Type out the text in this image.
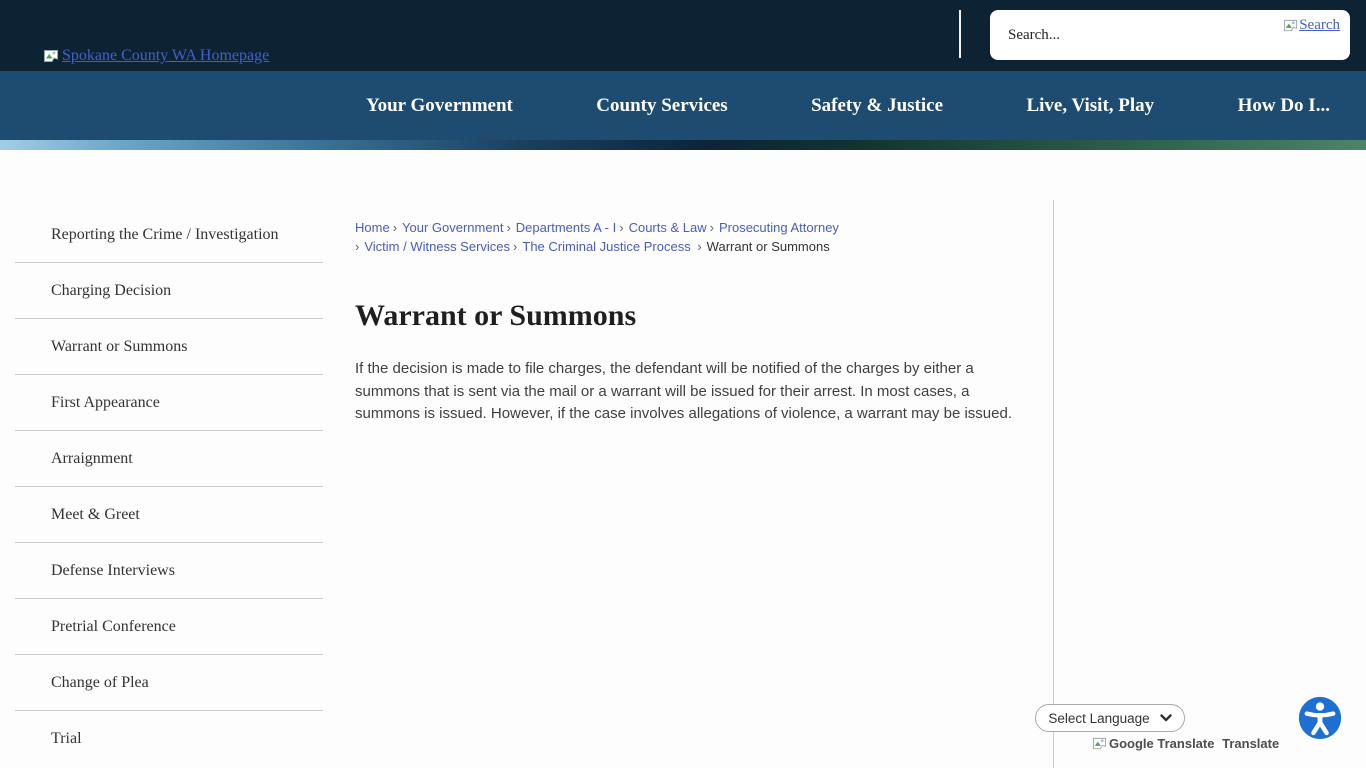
Spokane County WA Homepage
Search...
Search
Your Government	County Services	Safety & Justice	Live, Visit, Play	How Do I...
Reporting the Crime / Investigation
Charging Decision
Warrant or Summons
First Appearance
Arraignment
Meet & Greet
Defense Interviews
Pretrial Conference
Change of Plea
Trial
Home › Your Government › Departments A - I › Courts & Law › Prosecuting Attorney› Victim / Witness Services › The Criminal Justice Process › Warrant or Summons
Warrant or Summons

If the decision is made to file charges, the defendant will be notified of the charges by either a summons that is sent via the mail or a warrant will be issued for their arrest. In most cases, a summons is issued. However, if the case involves allegations of violence, a warrant may be issued.

Select Language
Google Translate
Translate
